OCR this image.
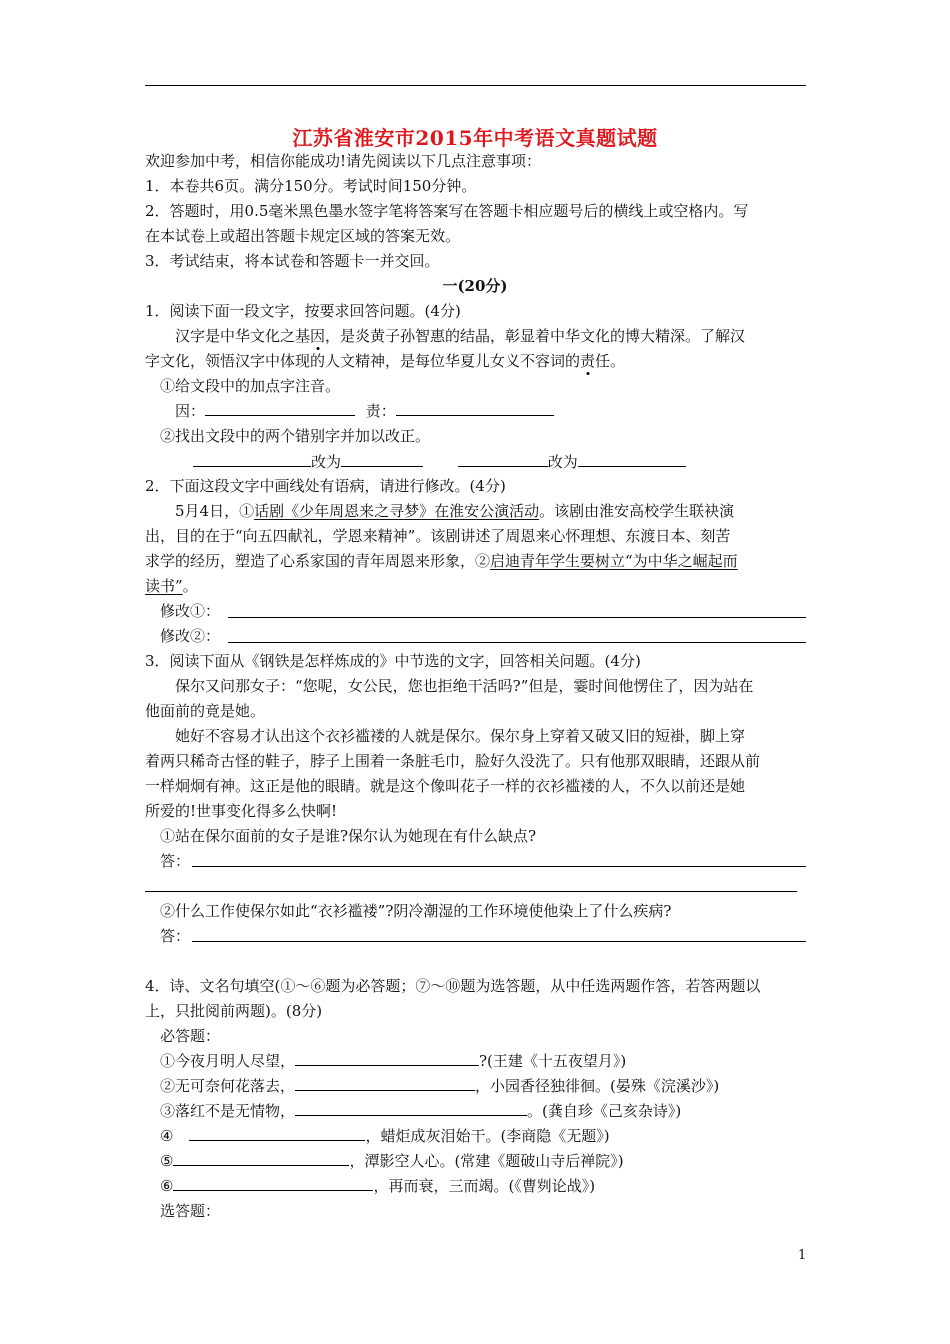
江苏省淮安市2015年中考语文真题试题
欢迎参加中考，相信你能成功!请先阅读以下几点注意事项：
1．本卷共6页。满分150分。考试时间150分钟。
2．答题时，用0.5毫米黑色墨水签字笔将答案写在答题卡相应题号后的横线上或空格内。写
在本试卷上或超出答题卡规定区域的答案无效。
3．考试结束，将本试卷和答题卡一并交回。
一(20分)
1．阅读下面一段文字，按要求回答问题。(4分)
汉字是中华文化之基因，是炎黄子孙智惠的结晶，彰显着中华文化的博大精深。了解汉
字文化，领悟汉字中体现的人文精神，是每位华夏儿女义不容词的责任。
①给文段中的加点字注音。
因：	责：
②找出文段中的两个错别字并加以改正。
改为	改为
2．下面这段文字中画线处有语病，请进行修改。(4分)
5月4日，①话剧《少年周恩来之寻梦》在淮安公演活动。该剧由淮安高校学生联袂演
出，目的在于“向五四献礼，学恩来精神”。该剧讲述了周恩来心怀理想、东渡日本、刻苦
求学的经历，塑造了心系家国的青年周恩来形象，②启迪青年学生要树立“为中华之崛起而
读书”。
修改①：
修改②：
3．阅读下面从《钢铁是怎样炼成的》中节选的文字，回答相关问题。(4分)
保尔又问那女子：“您呢，女公民，您也拒绝干活吗?”但是，霎时间他愣住了，因为站在
他面前的竟是她。
她好不容易才认出这个衣衫褴褛的人就是保尔。保尔身上穿着又破又旧的短褂，脚上穿
着两只稀奇古怪的鞋子，脖子上围着一条脏毛巾，脸好久没洗了。只有他那双眼睛，还跟从前
一样炯炯有神。这正是他的眼睛。就是这个像叫花子一样的衣衫褴褛的人，不久以前还是她
所爱的!世事变化得多么快啊!
①站在保尔面前的女子是谁?保尔认为她现在有什么缺点?
答：
②什么工作使保尔如此“衣衫褴褛”?阴冷潮湿的工作环境使他染上了什么疾病?
答：
4．诗、文名句填空(①～⑥题为必答题；⑦～⑩题为选答题，从中任选两题作答，若答两题以
上，只批阅前两题)。(8分)
必答题：
①今夜月明人尽望，	?(王建《十五夜望月》)
②无可奈何花落去，	，小园香径独徘徊。(晏殊《浣溪沙》)
③落红不是无情物，	。(龚自珍《己亥杂诗》)
④	，蜡炬成灰泪始干。(李商隐《无题》)
⑤	，潭影空人心。(常建《题破山寺后禅院》)
⑥	，再而衰，三而竭。(《曹刿论战》)
选答题：
1
